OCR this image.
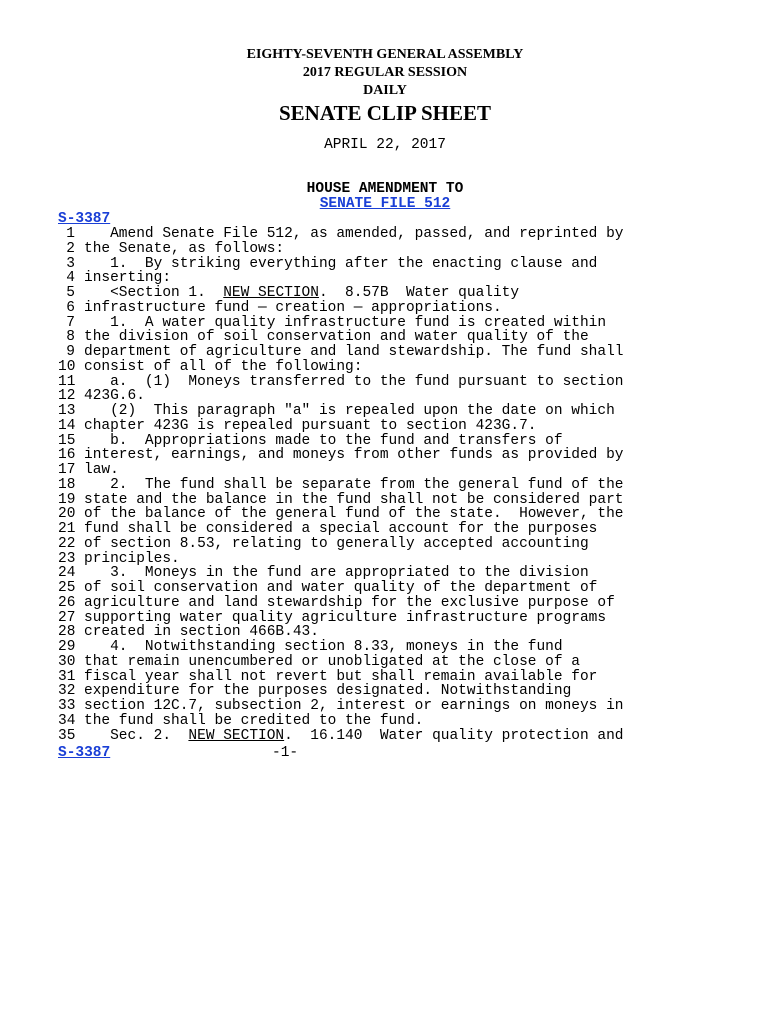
EIGHTY-SEVENTH GENERAL ASSEMBLY
2017 REGULAR SESSION
DAILY
SENATE CLIP SHEET
APRIL 22, 2017
HOUSE AMENDMENT TO
SENATE FILE 512
S-3387
1   Amend Senate File 512, as amended, passed, and reprinted by
2 the Senate, as follows:
3   1.  By striking everything after the enacting clause and
4 inserting:
5   <Section 1.  NEW SECTION.  8.57B  Water quality
6 infrastructure fund — creation — appropriations.
7   1.  A water quality infrastructure fund is created within
8 the division of soil conservation and water quality of the
9 department of agriculture and land stewardship. The fund shall
10 consist of all of the following:
11   a.  (1)  Moneys transferred to the fund pursuant to section
12 423G.6.
13   (2)  This paragraph "a" is repealed upon the date on which
14 chapter 423G is repealed pursuant to section 423G.7.
15   b.  Appropriations made to the fund and transfers of
16 interest, earnings, and moneys from other funds as provided by
17 law.
18   2.  The fund shall be separate from the general fund of the
19 state and the balance in the fund shall not be considered part
20 of the balance of the general fund of the state.  However, the
21 fund shall be considered a special account for the purposes
22 of section 8.53, relating to generally accepted accounting
23 principles.
24   3.  Moneys in the fund are appropriated to the division
25 of soil conservation and water quality of the department of
26 agriculture and land stewardship for the exclusive purpose of
27 supporting water quality agriculture infrastructure programs
28 created in section 466B.43.
29   4.  Notwithstanding section 8.33, moneys in the fund
30 that remain unencumbered or unobligated at the close of a
31 fiscal year shall not revert but shall remain available for
32 expenditure for the purposes designated. Notwithstanding
33 section 12C.7, subsection 2, interest or earnings on moneys in
34 the fund shall be credited to the fund.
35   Sec. 2.  NEW SECTION.  16.140  Water quality protection and
S-3387	-1-
